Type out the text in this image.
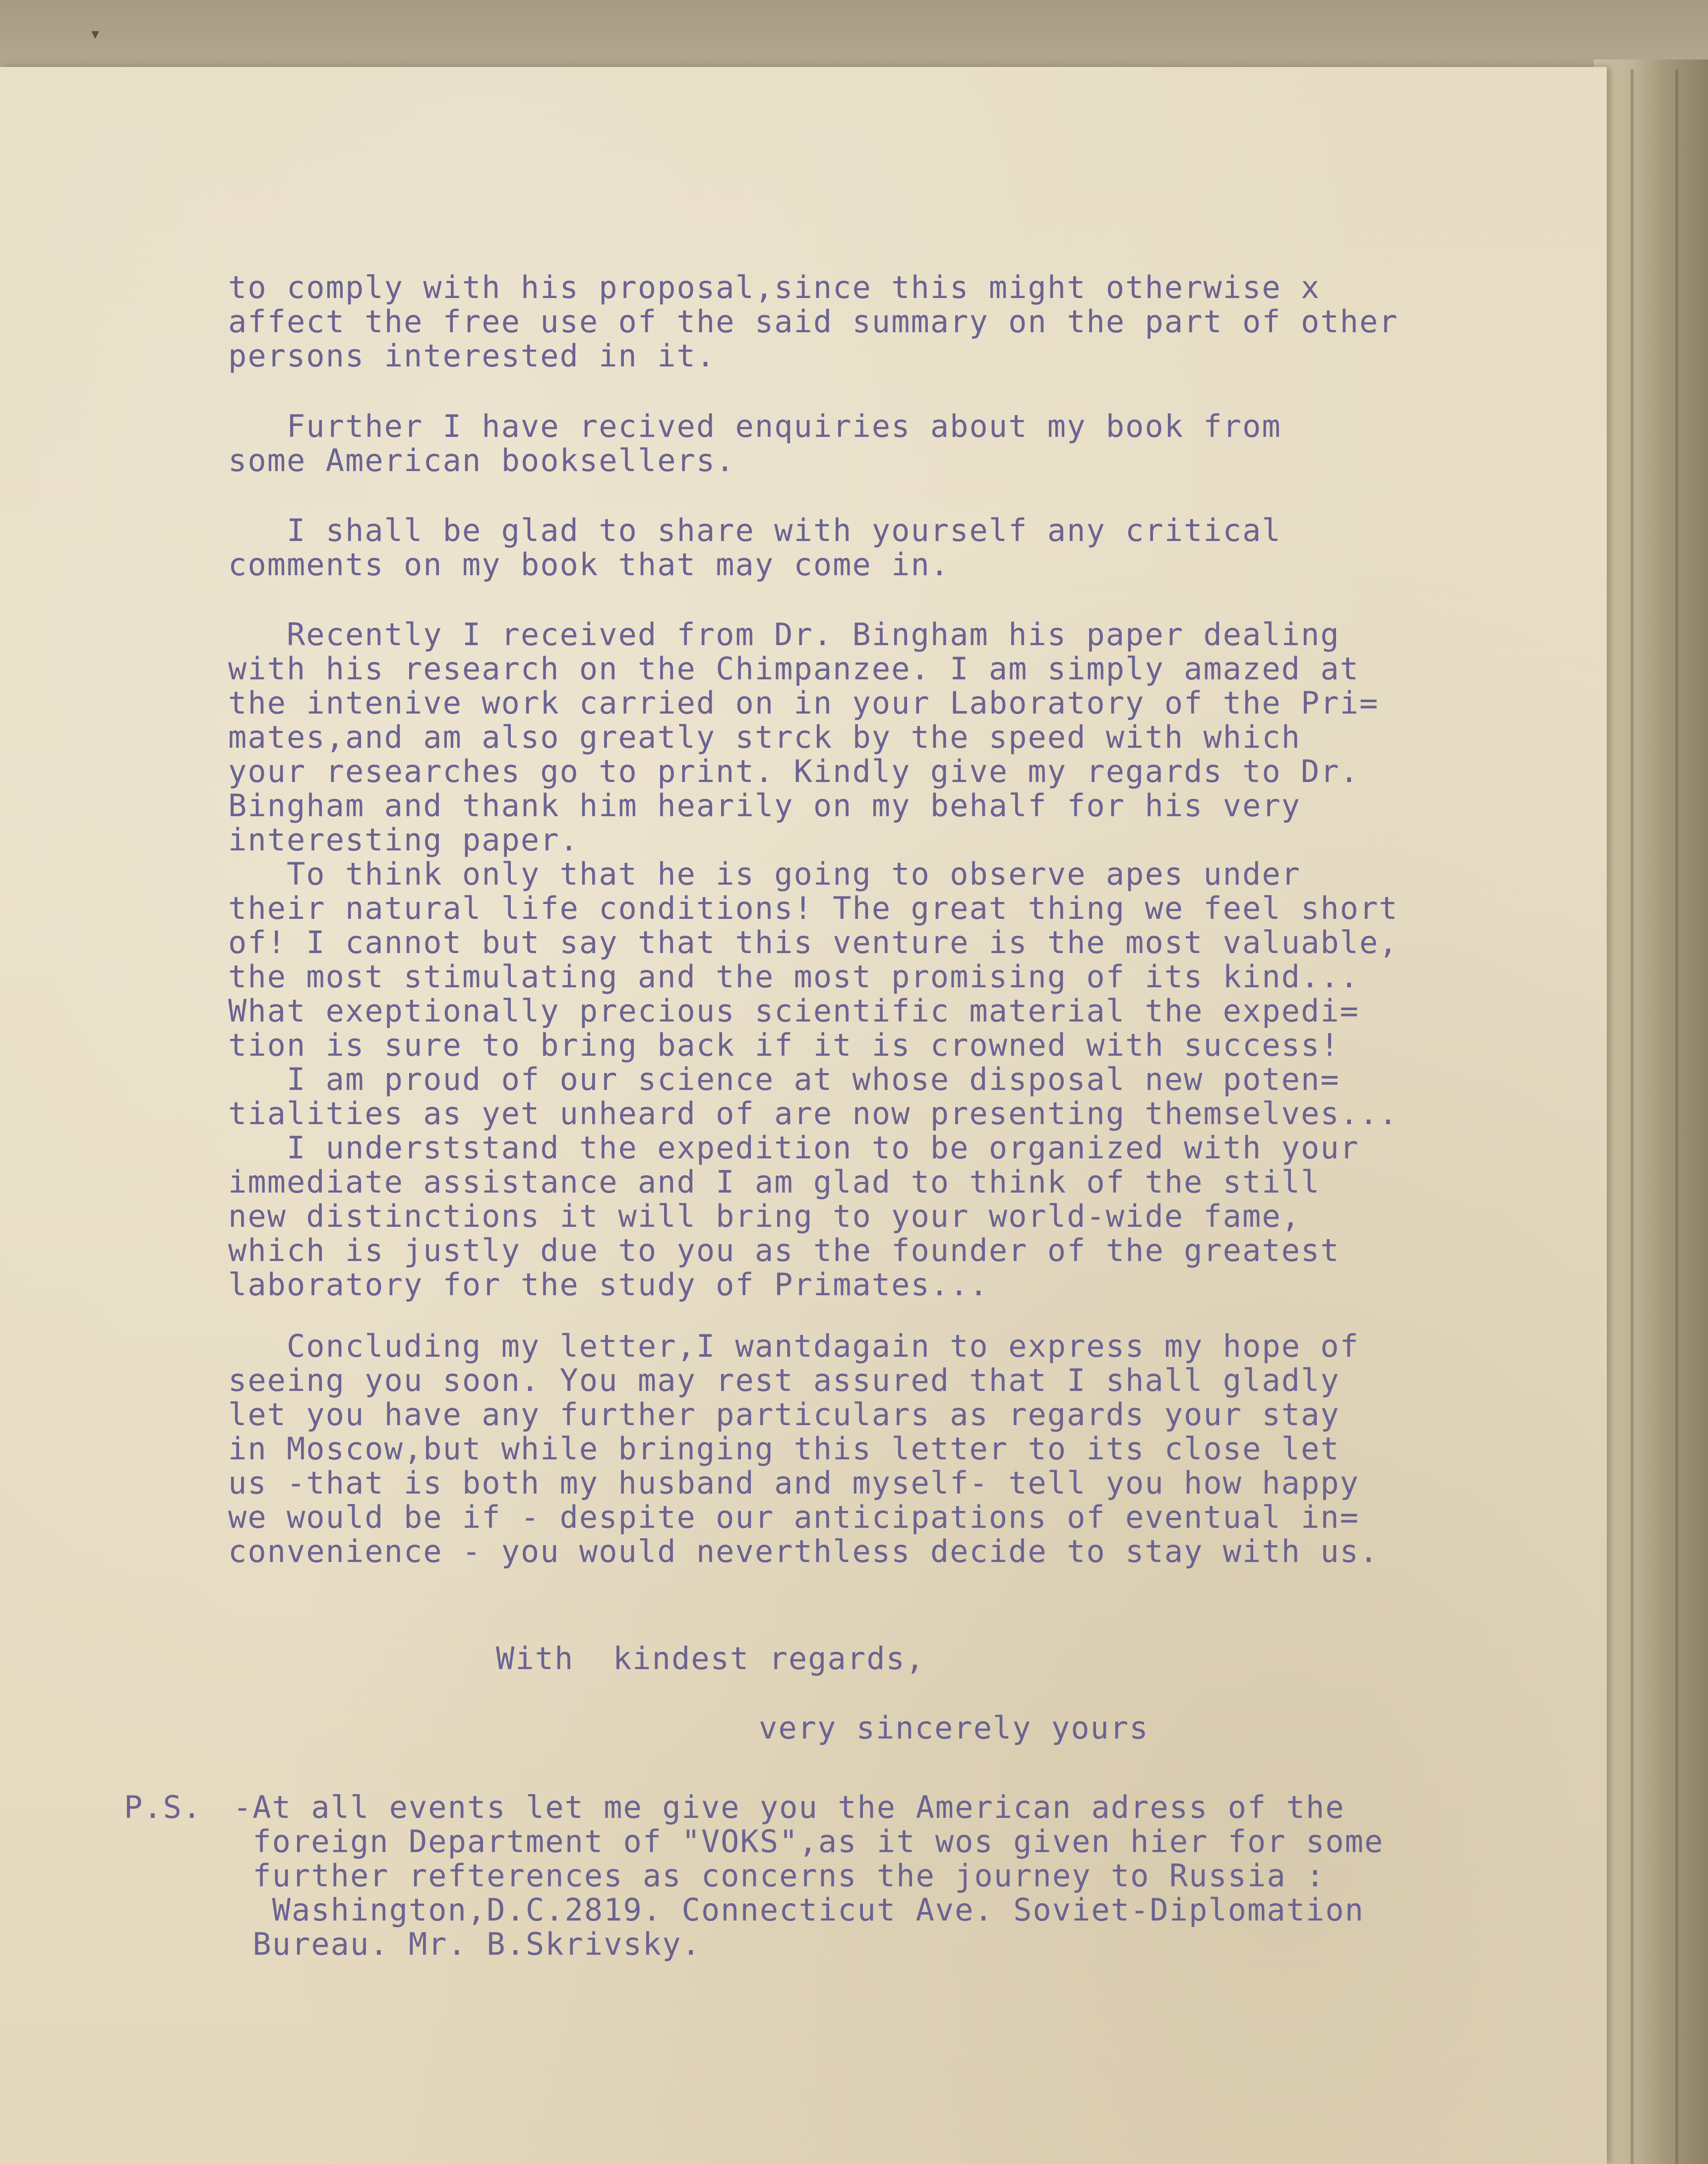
▾
to comply with his proposal,since this might otherwise x
affect the free use of the said summary on the part of other
persons interested in it.
Further I have recived enquiries about my book from
some American booksellers.
I shall be glad to share with yourself any critical
comments on my book that may come in.
Recently I received from Dr. Bingham his paper dealing
with his research on the Chimpanzee. I am simply amazed at
the intenive work carried on in your Laboratory of the Pri=
mates,and am also greatly strck by the speed with which
your researches go to print. Kindly give my regards to Dr.
Bingham and thank him hearily on my behalf for his very
interesting paper.
To think only that he is going to observe apes under
their natural life conditions! The great thing we feel short
of! I cannot but say that this venture is the most valuable,
the most stimulating and the most promising of its kind...
What exeptionally precious scientific material the expedi=
tion is sure to bring back if it is crowned with success!
I am proud of our science at whose disposal new poten=
tialities as yet unheard of are now presenting themselves...
I underststand the expedition to be organized with your
immediate assistance and I am glad to think of the still
new distinctions it will bring to your world-wide fame,
which is justly due to you as the founder of the greatest
laboratory for the study of Primates...
Concluding my letter,I wantdagain to express my hope of
seeing you soon. You may rest assured that I shall gladly
let you have any further particulars as regards your stay
in Moscow,but while bringing this letter to its close let
us -that is both my husband and myself- tell you how happy
we would be if - despite our anticipations of eventual in=
convenience - you would neverthless decide to stay with us.
With  kindest regards,
very sincerely yours
P.S. -At all events let me give you the American adress of the
foreign Department of "VOKS",as it wos given hier for some
further refterences as concerns the journey to Russia :
Washington,D.C.2819. Connecticut Ave. Soviet-Diplomation
Bureau. Mr. B.Skrivsky.
